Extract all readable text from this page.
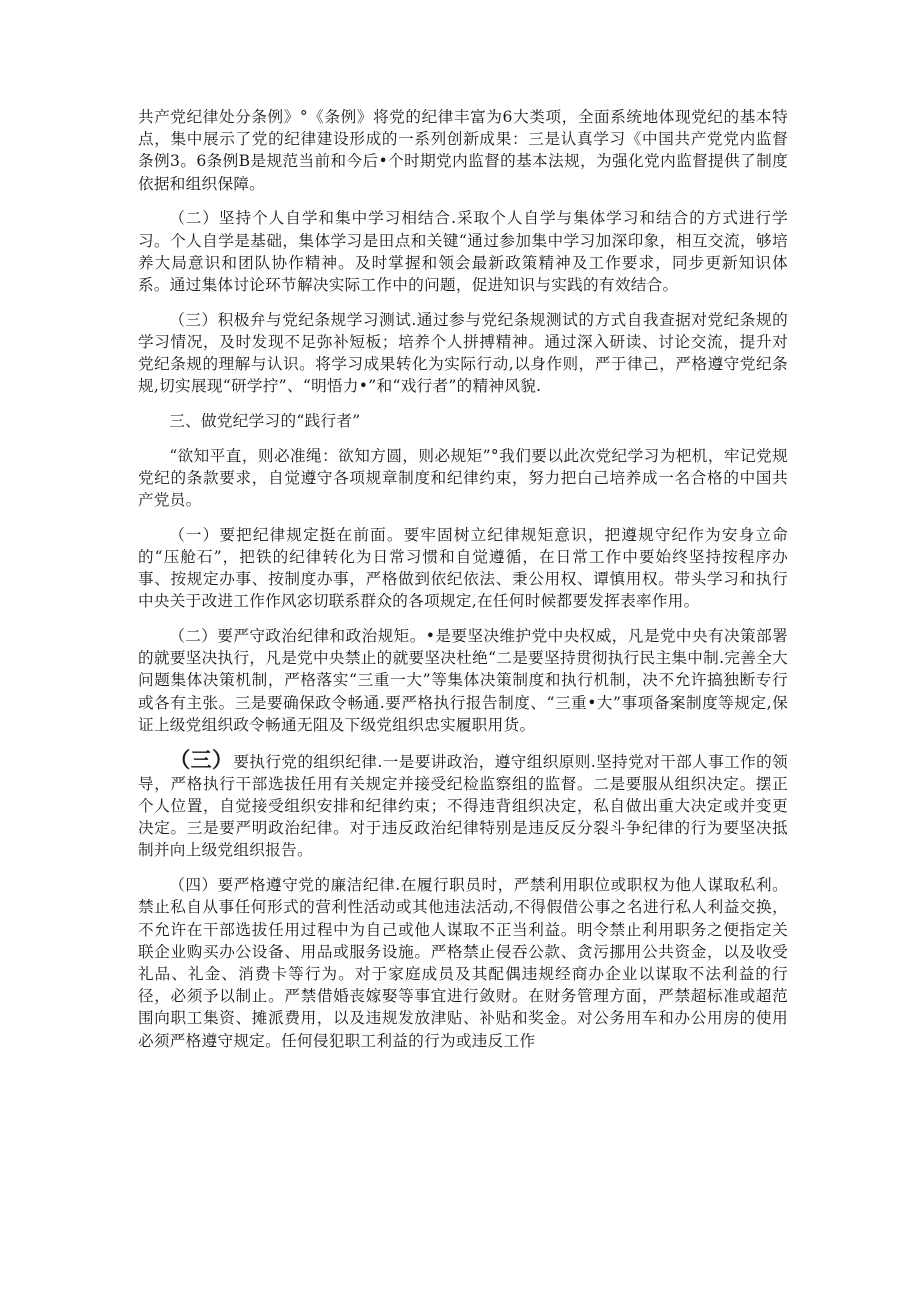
共产党纪律处分条例》°《条例》将党的纪律丰富为6大类项，全面系统地体现党纪的基本特点，集中展示了党的纪律建设形成的一系列创新成果：三是认真学习《中国共产党党内监督条例3。6条例B是规范当前和今后•个时期党内监督的基本法规，为强化党内监督提供了制度依据和组织保障。

（二）坚持个人自学和集中学习相结合.采取个人自学与集体学习和结合的方式进行学习。个人自学是基础，集体学习是田点和关键“通过参加集中学习加深印象，相互交流，够培养大局意识和团队协作精神。及时掌握和领会最新政策精神及工作要求，同步更新知识体系。通过集体讨论环节解决实际工作中的问题，促进知识与实践的有效结合。

（三）积极弁与党纪条规学习测试.通过参与党纪条规测试的方式自我查据对党纪条规的学习情况，及时发现不足弥补短板；培养个人拼搏精神。通过深入研读、讨论交流，提升对党纪条规的理解与认识。将学习成果转化为实际行动,以身作则，严于律己，严格遵守党纪条规,切实展现“研学拧”、“明悟力•”和“戏行者”的精神风貌.

三、做党纪学习的“践行者”

“欲知平直，则必准绳：欲知方圆，则必规矩”°我们要以此次党纪学习为杷机，牢记党规党纪的条款要求，自觉遵守各项规章制度和纪律约束，努力把白己培养成一名合格的中国共产党员。

（一）要把纪律规定挺在前面。要牢固树立纪律规矩意识，把遵规守纪作为安身立命的“压舱石”，把铁的纪律转化为日常习惯和自觉遵循，在日常工作中要始终坚持按程序办事、按规定办事、按制度办事，严格做到依纪依法、秉公用权、谭慎用权。带头学习和执行中央关于改进工作作风宓切联系群众的各项规定,在任何时候都要发挥表率作用。

（二）要严守政治纪律和政治规矩。•是要坚决维护党中央权威，凡是党中央有决策部署的就要坚决执行，凡是党中央禁止的就要坚决杜绝“二是要坚持贯彻执行民主集中制.完善全大问题集体决策机制，严格落实“三重一大”等集体决策制度和执行机制，决不允许搞独断专行或各有主张。三是要确保政令畅通.要严格执行报告制度、“三重•大”事项备案制度等规定,保证上级党组织政令畅通无阻及下级党组织忠实履职用货。

（三）要执行党的组织纪律.一是要讲政治，遵守组织原则.坚持党对干部人事工作的领导，严格执行干部选拔任用有关规定并接受纪检监察组的监督。二是要服从组织决定。摆正个人位置，自觉接受组织安排和纪律约束；不得违背组织决定，私自做出重大决定或并变更决定。三是要严明政治纪律。对于违反政治纪律特别是违反反分裂斗争纪律的行为要坚决抵制并向上级党组织报告。

（四）要严格遵守党的廉洁纪律.在履行职员时，严禁利用职位或职权为他人谋取私利。禁止私自从事任何形式的营利性活动或其他违法活动,不得假借公事之名进行私人利益交换，不允许在干部选拔任用过程中为自己或他人谋取不正当利益。明令禁止利用职务之便指定关联企业购买办公设备、用品或服务设施。严格禁止侵吞公款、贪污挪用公共资金，以及收受礼品、礼金、消费卡等行为。对于家庭成员及其配偶违规经商办企业以谋取不法利益的行径，必须予以制止。严禁借婚丧嫁娶等事宜进行敛财。在财务管理方面，严禁超标准或超范围向职工集资、摊派费用，以及违规发放津贴、补贴和奖金。对公务用车和办公用房的使用必须严格遵守规定。任何侵犯职工利益的行为或违反工作
